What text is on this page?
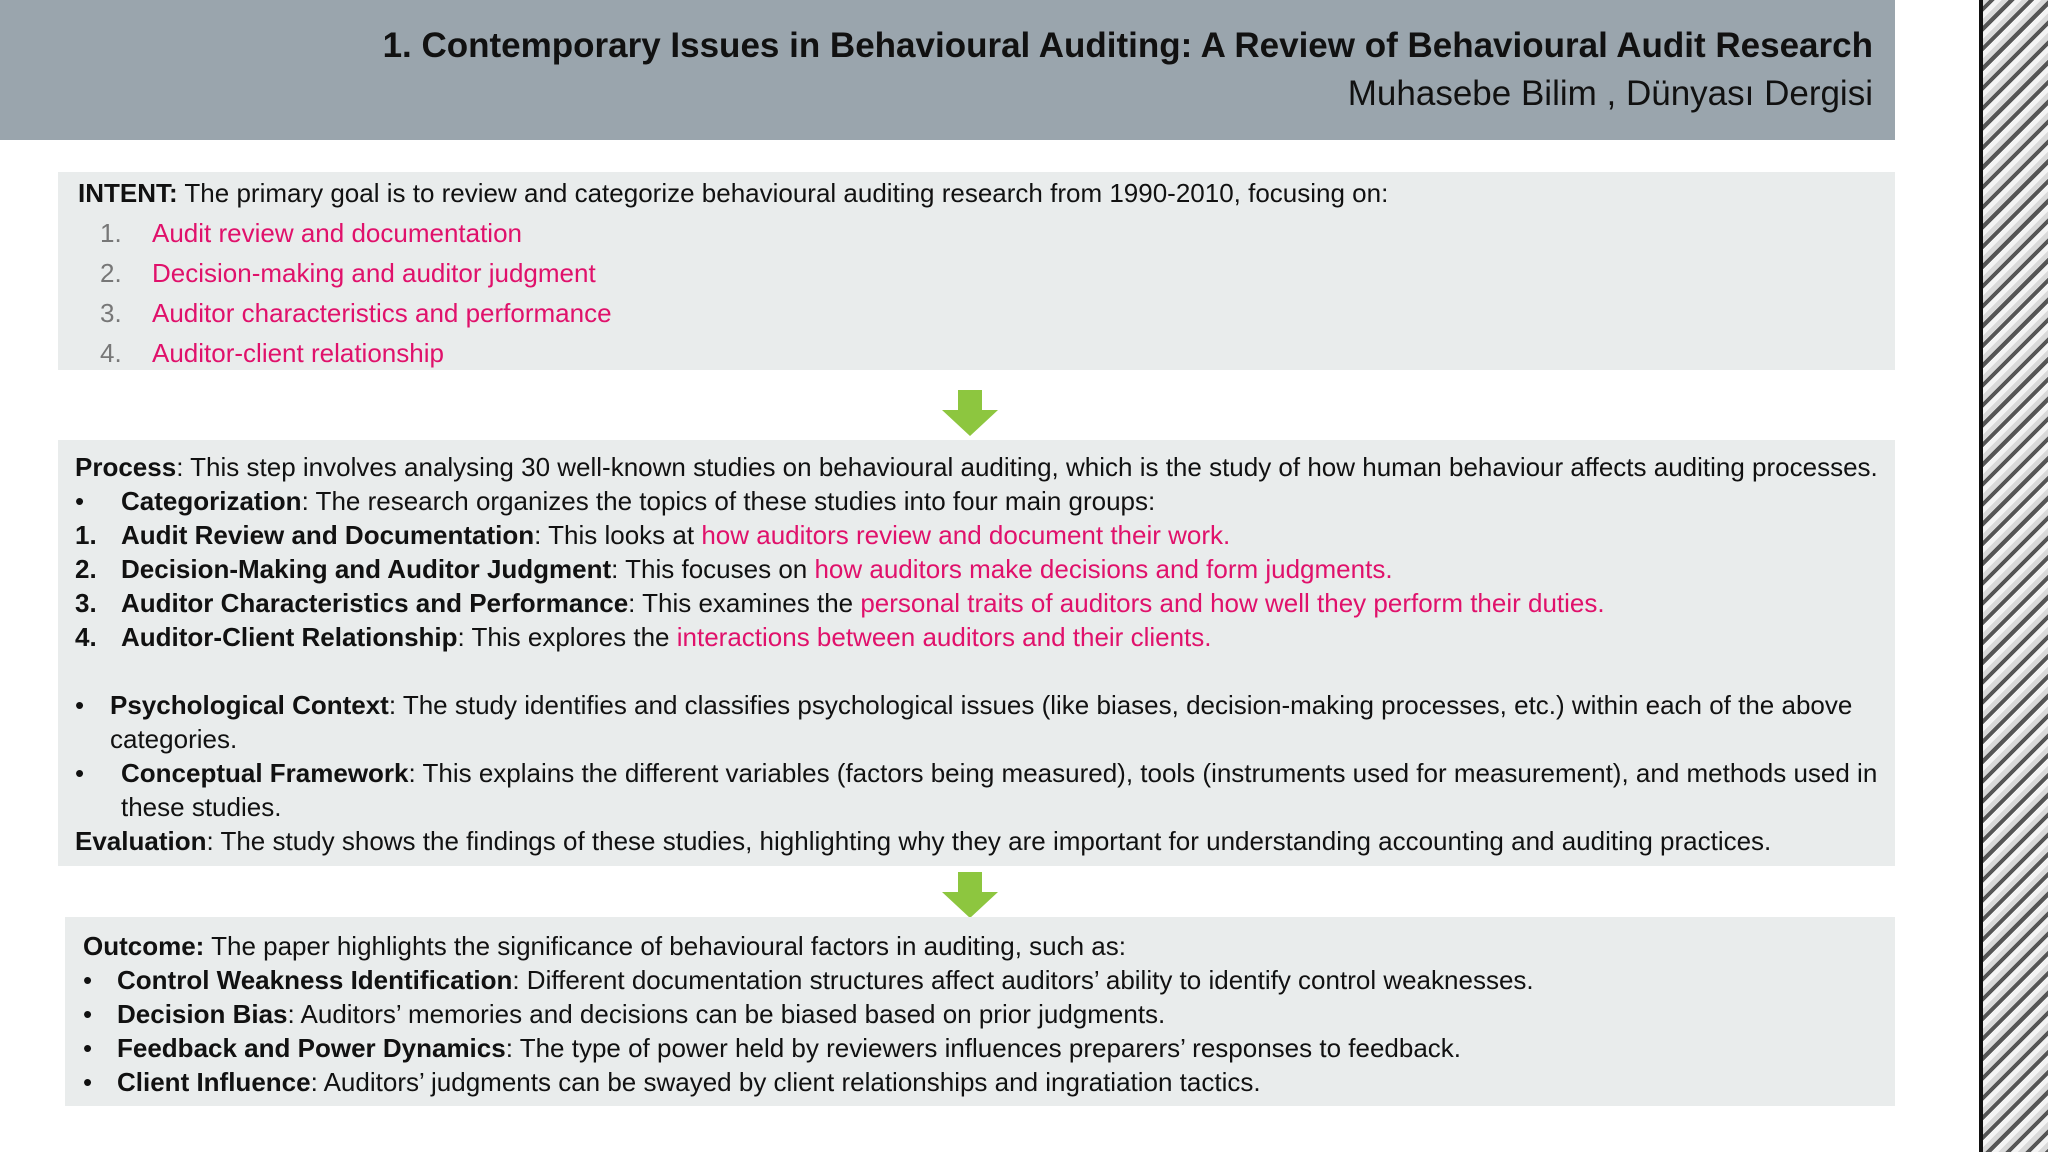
1. Contemporary Issues in Behavioural Auditing: A Review of Behavioural Audit Research
Muhasebe Bilim , Dünyası Dergisi
INTENT: The primary goal is to review and categorize behavioural auditing research from 1990-2010, focusing on:
1. Audit review and documentation
2. Decision-making and auditor judgment
3. Auditor characteristics and performance
4. Auditor-client relationship
Process: This step involves analysing 30 well-known studies on behavioural auditing, which is the study of how human behaviour affects auditing processes.
• Categorization: The research organizes the topics of these studies into four main groups:
1. Audit Review and Documentation: This looks at how auditors review and document their work.
2. Decision-Making and Auditor Judgment: This focuses on how auditors make decisions and form judgments.
3. Auditor Characteristics and Performance: This examines the personal traits of auditors and how well they perform their duties.
4. Auditor-Client Relationship: This explores the interactions between auditors and their clients.
• Psychological Context: The study identifies and classifies psychological issues (like biases, decision-making processes, etc.) within each of the above
categories.
• Conceptual Framework: This explains the different variables (factors being measured), tools (instruments used for measurement), and methods used in
these studies.
Evaluation: The study shows the findings of these studies, highlighting why they are important for understanding accounting and auditing practices.
Outcome: The paper highlights the significance of behavioural factors in auditing, such as:
• Control Weakness Identification: Different documentation structures affect auditors’ ability to identify control weaknesses.
• Decision Bias: Auditors’ memories and decisions can be biased based on prior judgments.
• Feedback and Power Dynamics: The type of power held by reviewers influences preparers’ responses to feedback.
• Client Influence: Auditors’ judgments can be swayed by client relationships and ingratiation tactics.
